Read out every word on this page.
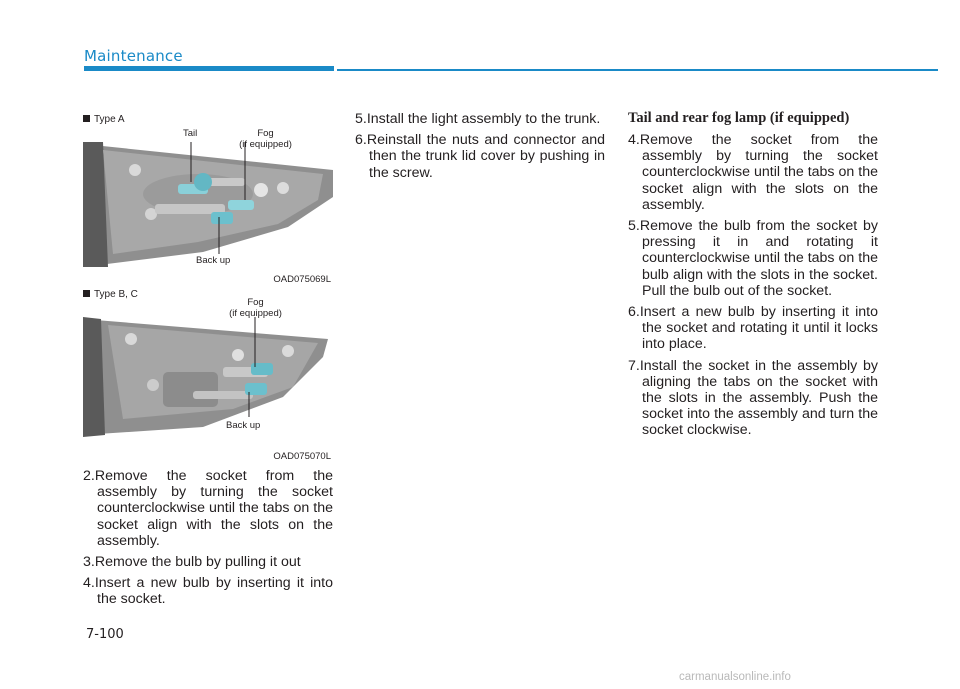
Maintenance
Type A
Tail	Fog
(if equipped)
Back up
OAD075069L
Type B, C
Fog
(if equipped)
Back up
OAD075070L
2.Remove the socket from the assembly by turning the socket counterclockwise until the tabs on the socket align with the slots on the assembly.
3.Remove the bulb by pulling it out
4.Insert a new bulb by inserting it into the socket.
5.Install the light assembly to the trunk.
6.Reinstall the nuts and connector and then the trunk lid cover by pushing in the screw.
Tail and rear fog lamp (if equipped)
4.Remove the socket from the assembly by turning the socket counterclockwise until the tabs on the socket align with the slots on the assembly.
5.Remove the bulb from the socket by pressing it in and rotating it counterclockwise until the tabs on the bulb align with the slots in the socket. Pull the bulb out of the socket.
6.Insert a new bulb by inserting it into the socket and rotating it until it locks into place.
7.Install the socket in the assembly by aligning the tabs on the socket with the slots in the assembly. Push the socket into the assembly and turn the socket clockwise.
7-100
carmanualsonline.info
